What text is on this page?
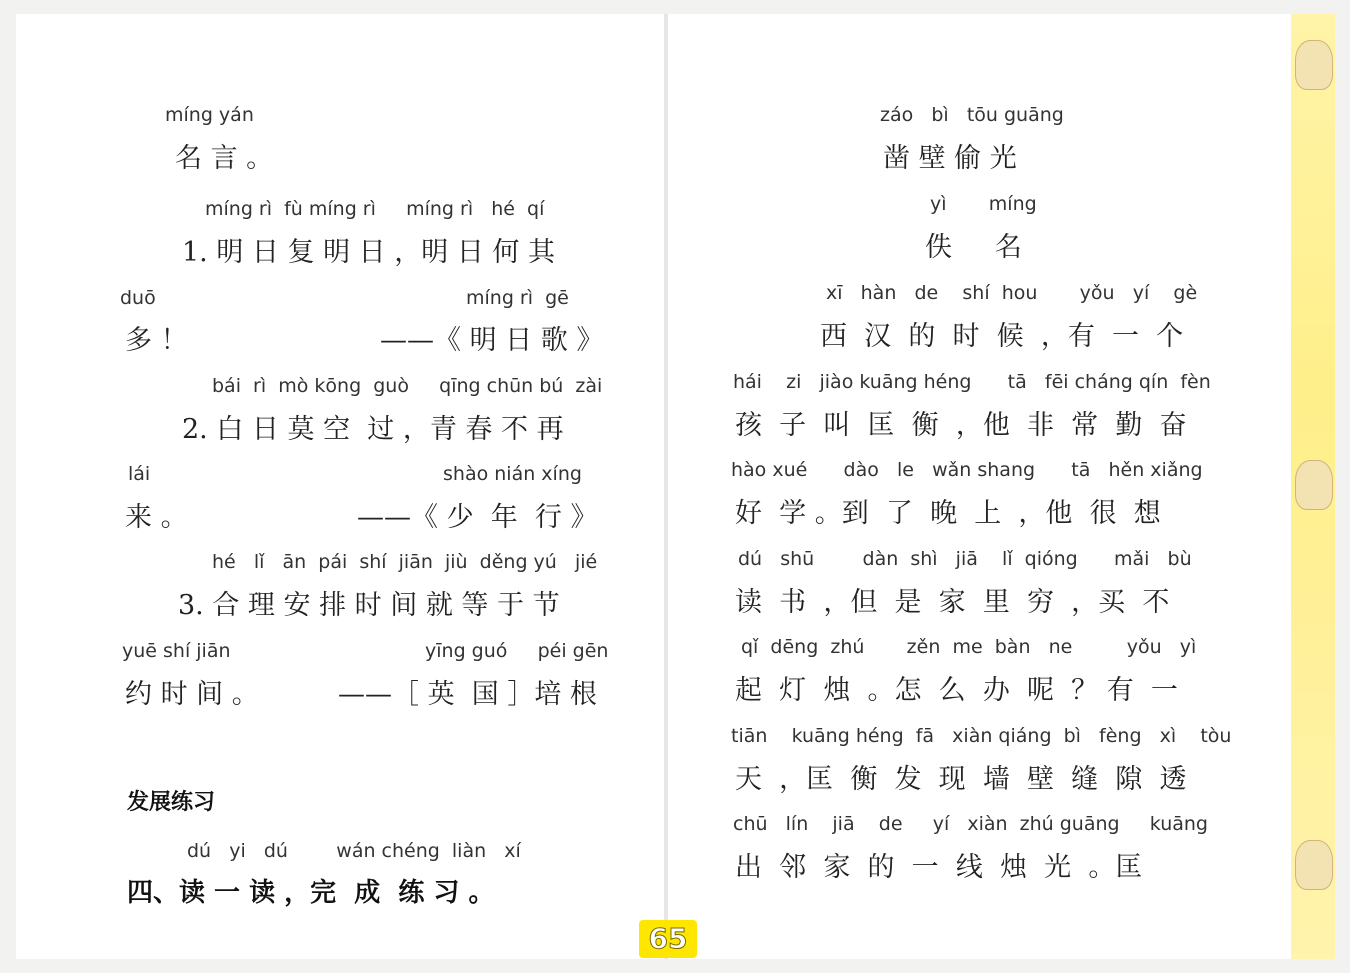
míng yán
名 言 。
míng rì  fù míng rì     míng rì   hé  qí
1. 明 日 复 明 日 ，明 日 何 其
duō	míng rì  gē
多 ！	——《 明 日 歌 》
bái  rì  mò kōng  guò     qīng chūn bú  zài
2. 白 日 莫 空  过 ，青 春 不 再
lái	shào nián xíng
来 。	——《 少  年  行 》
hé   lǐ   ān  pái  shí  jiān  jiù  děng yú   jié
3. 合 理 安 排 时 间 就 等 于 节
yuē shí jiān	yīng guó     péi gēn
约 时 间 。	——［ 英  国 ］培 根
发展练习
dú   yi   dú        wán chéng  liàn   xí
四、读 一 读 ，完  成  练 习 。
záo   bì   tōu guāng
凿 壁 偷 光
yì       míng
佚     名
xī   hàn   de    shí  hou       yǒu   yí    gè
西  汉  的  时  候  ，有  一  个
hái    zi   jiào kuāng héng      tā   fēi cháng qín  fèn
孩  子  叫  匡  衡  ，他  非  常  勤  奋
hào xué      dào   le   wǎn shang      tā   hěn xiǎng
好  学 。到  了  晚  上  ，他  很  想
dú   shū        dàn  shì   jiā    lǐ  qióng      mǎi   bù
读  书  ，但  是  家  里  穷  ，买  不
qǐ  dēng  zhú       zěn  me  bàn   ne         yǒu   yì
起  灯  烛  。怎  么  办  呢  ？ 有  一
tiān    kuāng héng  fā   xiàn qiáng  bì   fèng   xì    tòu
天  ，匡  衡  发  现  墙  壁  缝  隙  透
chū   lín    jiā    de     yí   xiàn  zhú guāng     kuāng
出  邻  家  的  一  线  烛  光  。匡
65
